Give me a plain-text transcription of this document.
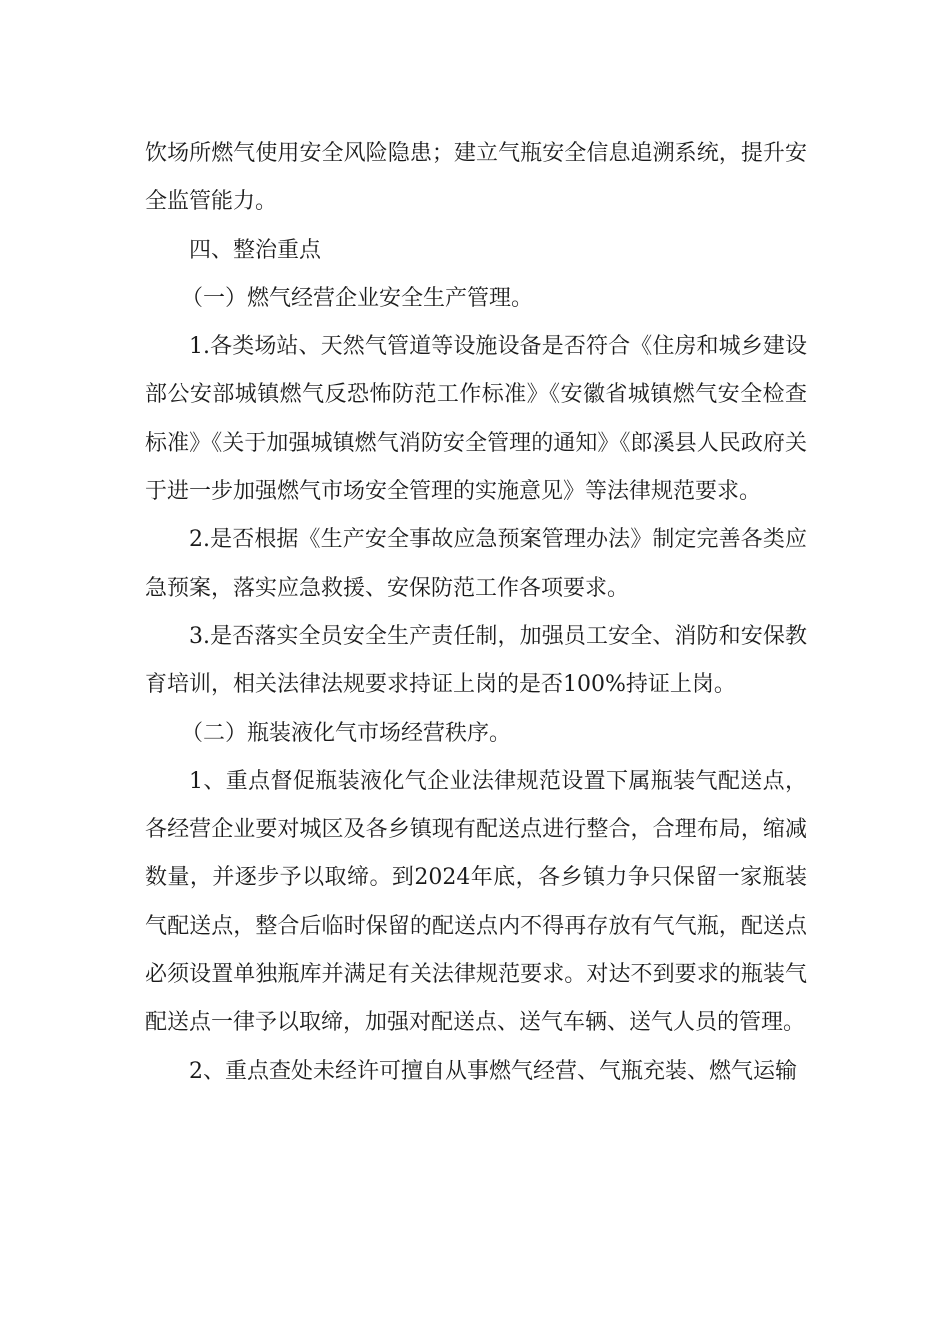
饮场所燃气使用安全风险隐患；建立气瓶安全信息追溯系统，提升安全监管能力。

四、整治重点

（一）燃气经营企业安全生产管理。

1.各类场站、天然气管道等设施设备是否符合《住房和城乡建设部公安部城镇燃气反恐怖防范工作标准》《安徽省城镇燃气安全检查标准》《关于加强城镇燃气消防安全管理的通知》《郎溪县人民政府关于进一步加强燃气市场安全管理的实施意见》等法律规范要求。

2.是否根据《生产安全事故应急预案管理办法》制定完善各类应急预案，落实应急救援、安保防范工作各项要求。

3.是否落实全员安全生产责任制，加强员工安全、消防和安保教育培训，相关法律法规要求持证上岗的是否100%持证上岗。

（二）瓶装液化气市场经营秩序。

1、重点督促瓶装液化气企业法律规范设置下属瓶装气配送点，各经营企业要对城区及各乡镇现有配送点进行整合，合理布局，缩减数量，并逐步予以取缔。到2024年底，各乡镇力争只保留一家瓶装气配送点，整合后临时保留的配送点内不得再存放有气气瓶，配送点必须设置单独瓶库并满足有关法律规范要求。对达不到要求的瓶装气配送点一律予以取缔，加强对配送点、送气车辆、送气人员的管理。

2、重点查处未经许可擅自从事燃气经营、气瓶充装、燃气运输
